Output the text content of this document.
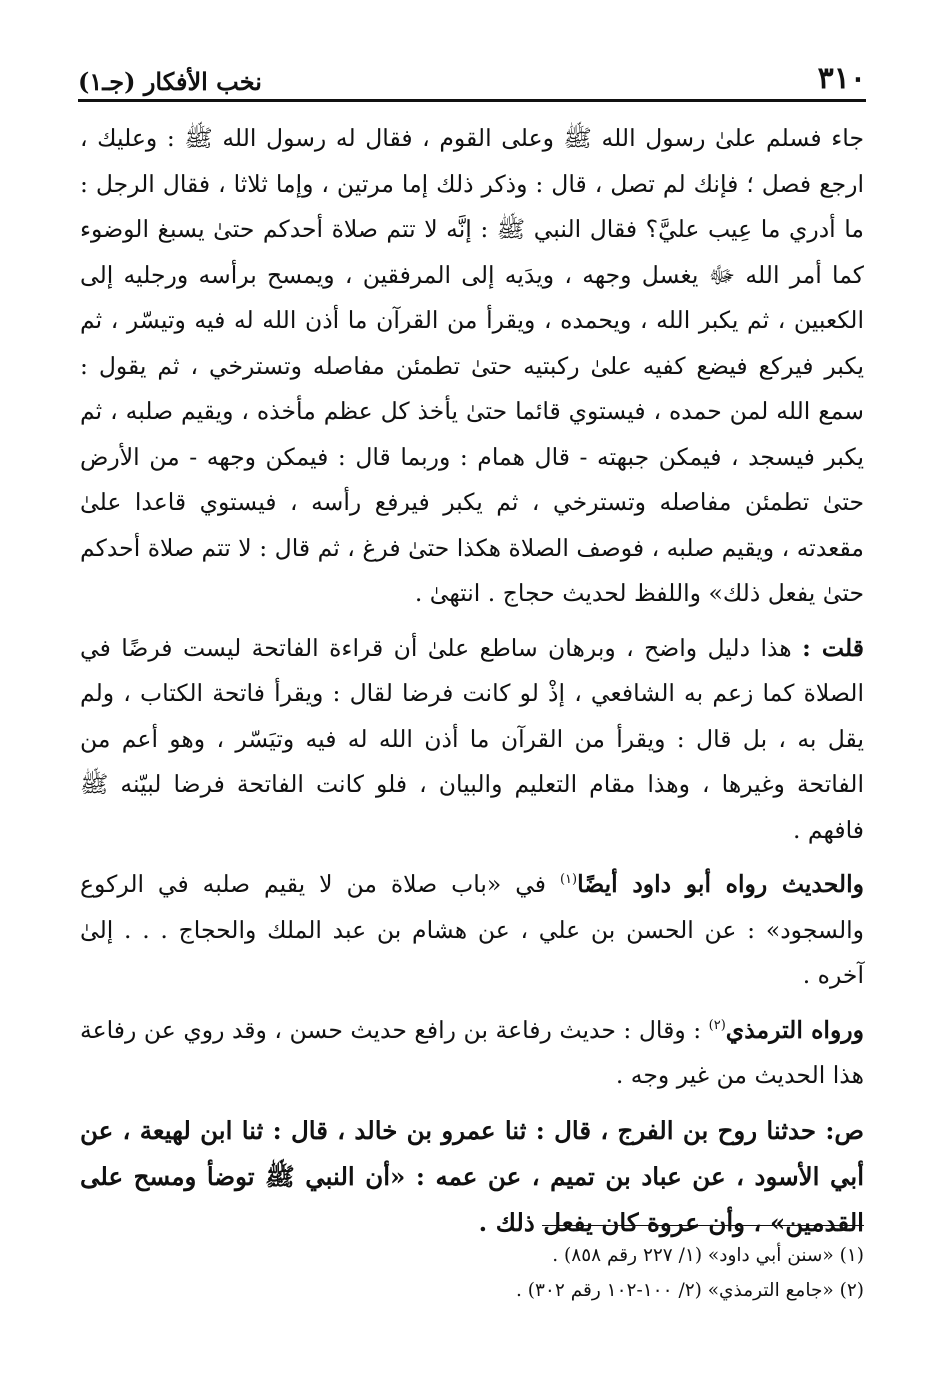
٣١٠
نخب الأفكار (جـ١)

جاء فسلم علىٰ رسول الله ﷺ وعلى القوم ، فقال له رسول الله ﷺ : وعليك ، ارجع فصل ؛ فإنك لم تصل ، قال : وذكر ذلك إما مرتين ، وإما ثلاثا ، فقال الرجل : ما أدري ما عِيب عليَّ؟ فقال النبي ﷺ : إنَّه لا تتم صلاة أحدكم حتىٰ يسبغ الوضوء كما أمر الله ﷻ يغسل وجهه ، ويدَيه إلى المرفقين ، ويمسح برأسه ورجليه إلى الكعبين ، ثم يكبر الله ، ويحمده ، ويقرأ من القرآن ما أذن الله له فيه وتيسّر ، ثم يكبر فيركع فيضع كفيه علىٰ ركبتيه حتىٰ تطمئن مفاصله وتسترخي ، ثم يقول : سمع الله لمن حمده ، فيستوي قائما حتىٰ يأخذ كل عظم مأخذه ، ويقيم صلبه ، ثم يكبر فيسجد ، فيمكن جبهته - قال همام : وربما قال : فيمكن وجهه - من الأرض حتىٰ تطمئن مفاصله وتسترخي ، ثم يكبر فيرفع رأسه ، فيستوي قاعدا علىٰ مقعدته ، ويقيم صلبه ، فوصف الصلاة هكذا حتىٰ فرغ ، ثم قال : لا تتم صلاة أحدكم حتىٰ يفعل ذلك» واللفظ لحديث حجاج . انتهىٰ .

قلت : هذا دليل واضح ، وبرهان ساطع علىٰ أن قراءة الفاتحة ليست فرضًا في الصلاة كما زعم به الشافعي ، إذْ لو كانت فرضا لقال : ويقرأ فاتحة الكتاب ، ولم يقل به ، بل قال : ويقرأ من القرآن ما أذن الله له فيه وتيَسّر ، وهو أعم من الفاتحة وغيرها ، وهذا مقام التعليم والبيان ، فلو كانت الفاتحة فرضا لبيّنه ﷺ فافهم .

والحديث رواه أبو داود أيضًا$^{(١)}$ في «باب صلاة من لا يقيم صلبه في الركوع والسجود» : عن الحسن بن علي ، عن هشام بن عبد الملك والحجاج . . . إلىٰ آخره .

ورواه الترمذي$^{(٢)}$ : وقال : حديث رفاعة بن رافع حديث حسن ، وقد روي عن رفاعة هذا الحديث من غير وجه .

ص: حدثنا روح بن الفرج ، قال : ثنا عمرو بن خالد ، قال : ثنا ابن لهيعة ، عن أبي الأسود ، عن عباد بن تميم ، عن عمه : «أن النبي ﷺ توضأ ومسح على القدمين» ، وأن عروة كان يفعل ذلك .

(١) «سنن أبي داود» (١/ ٢٢٧ رقم ٨٥٨) .

(٢) «جامع الترمذي» (٢/ ١٠٠-١٠٢ رقم ٣٠٢) .
